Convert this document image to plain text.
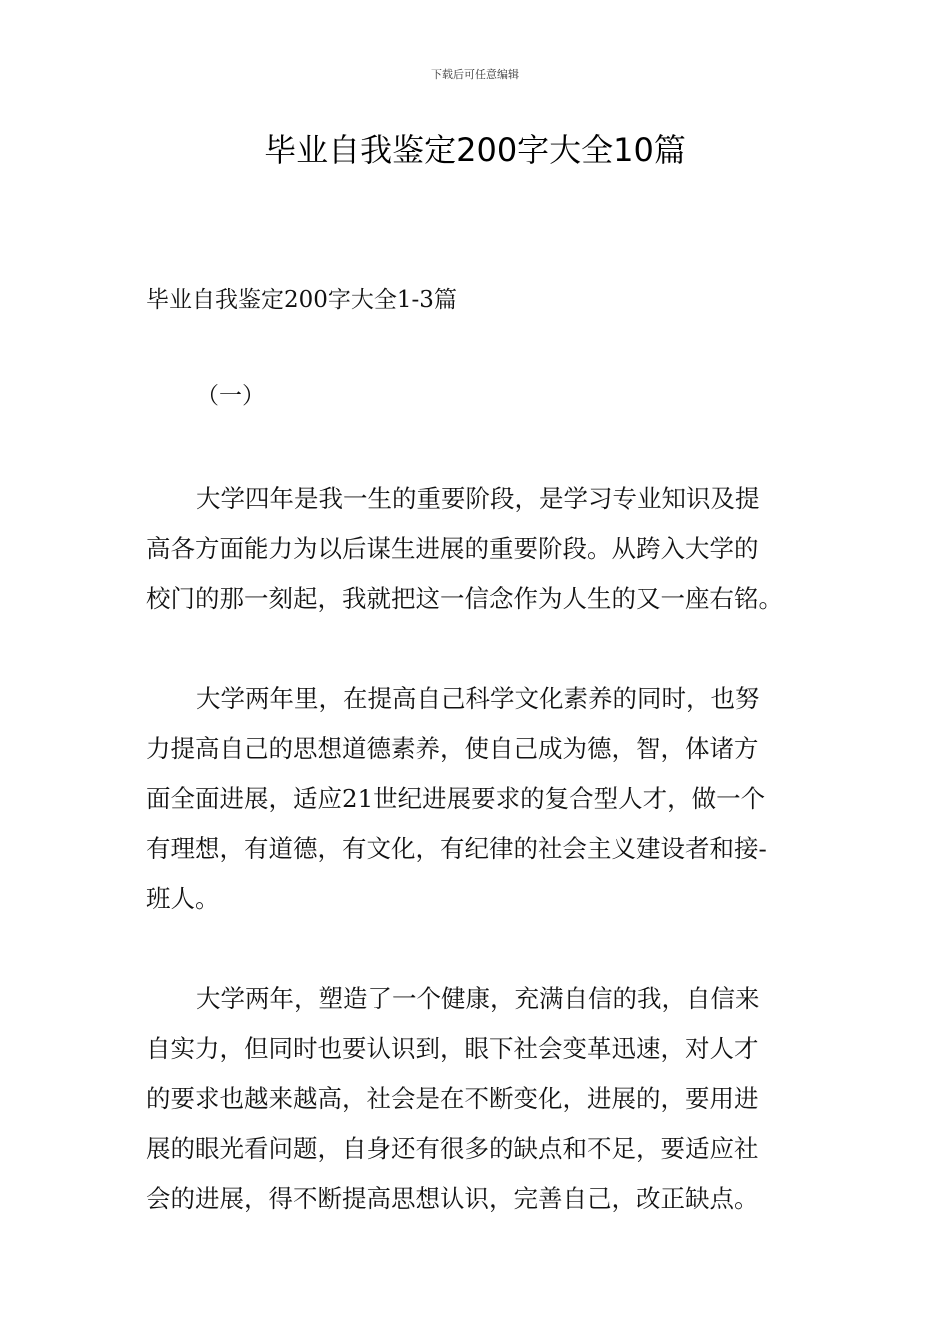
下载后可任意编辑
毕业自我鉴定200字大全10篇
毕业自我鉴定200字大全1-3篇
（一）

大学四年是我一生的重要阶段，是学习专业知识及提
高各方面能力为以后谋生进展的重要阶段。从跨入大学的
校门的那一刻起，我就把这一信念作为人生的又一座右铭。

大学两年里，在提高自己科学文化素养的同时，也努
力提高自己的思想道德素养，使自己成为德，智，体诸方
面全面进展，适应21世纪进展要求的复合型人才，做一个
有理想，有道德，有文化，有纪律的社会主义建设者和接-
班人。

大学两年，塑造了一个健康，充满自信的我，自信来
自实力，但同时也要认识到，眼下社会变革迅速，对人才
的要求也越来越高，社会是在不断变化，进展的，要用进
展的眼光看问题，自身还有很多的缺点和不足，要适应社
会的进展，得不断提高思想认识，完善自己，改正缺点。
